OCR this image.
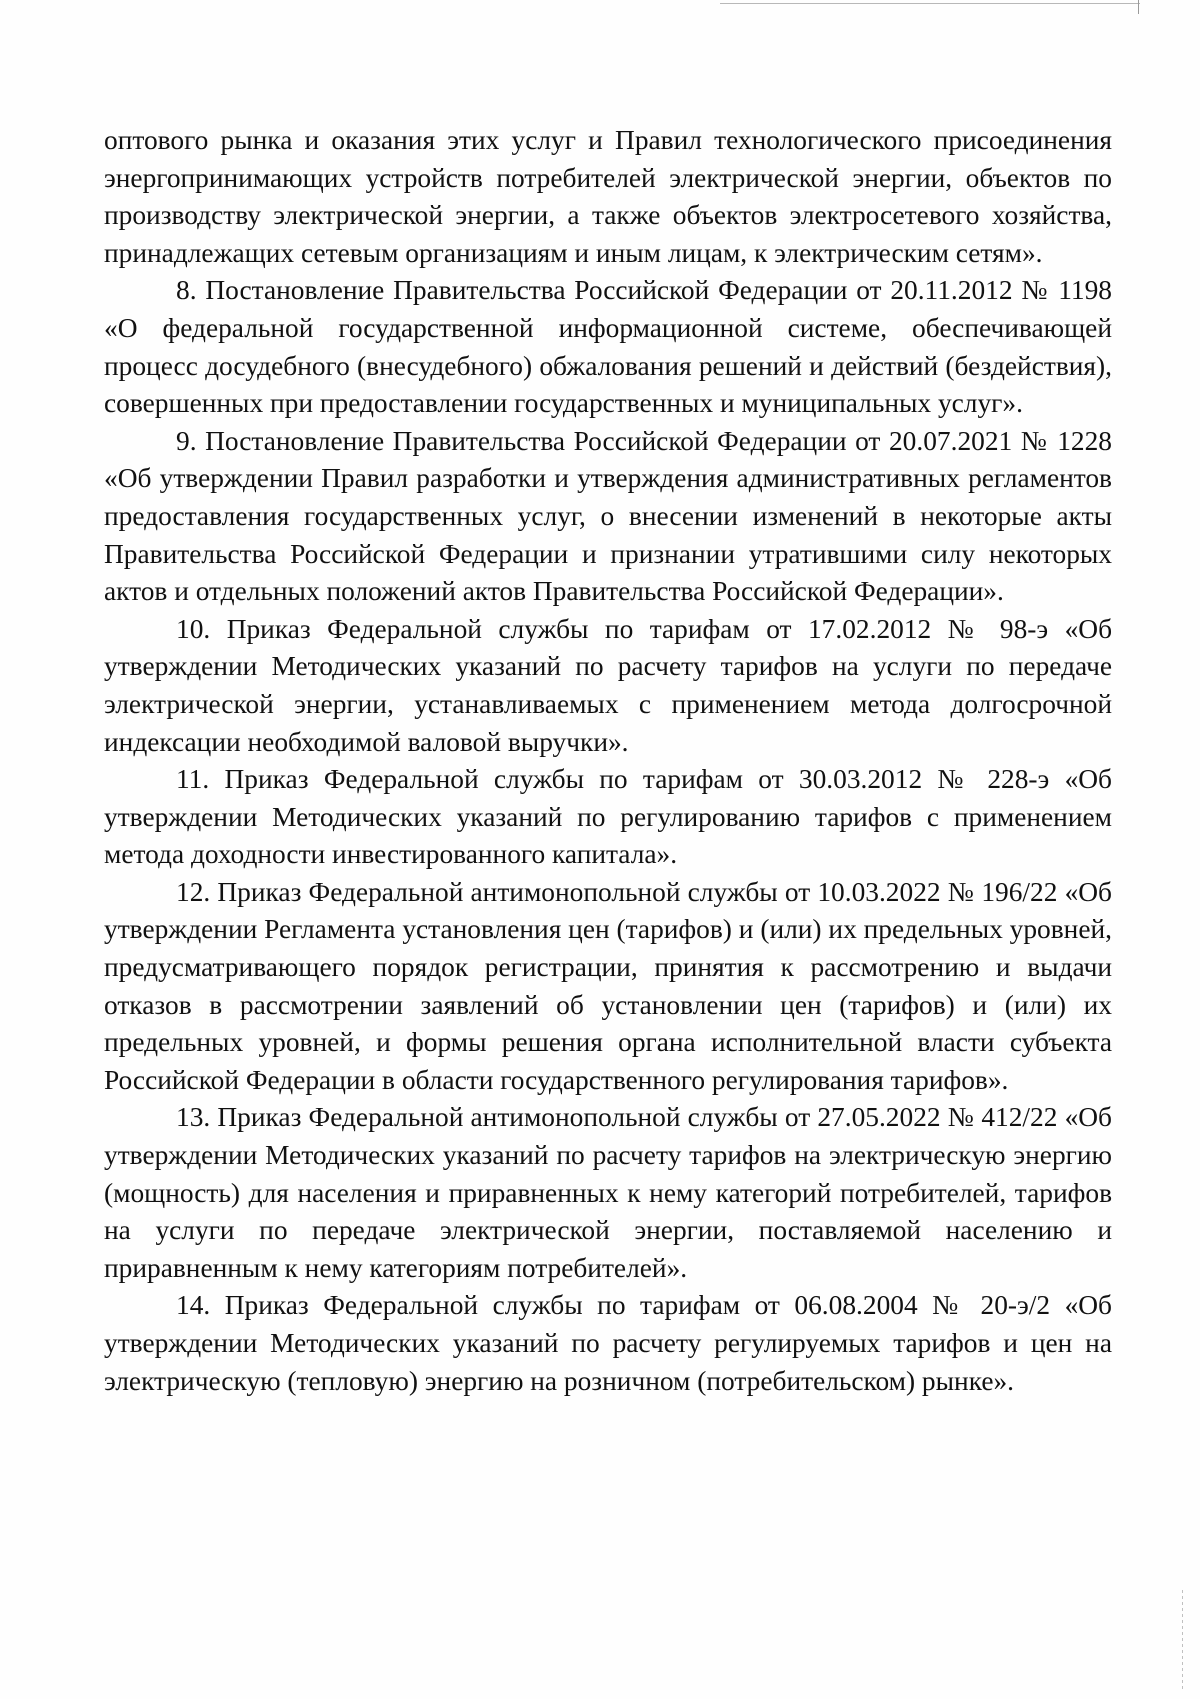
оптового рынка и оказания этих услуг и Правил технологического присоединения энергопринимающих устройств потребителей электрической энергии, объектов по производству электрической энергии, а также объектов электросетевого хозяйства, принадлежащих сетевым организациям и иным лицам, к электрическим сетям».

8. Постановление Правительства Российской Федерации от 20.11.2012 № 1198 «О федеральной государственной информационной системе, обеспечивающей процесс досудебного (внесудебного) обжалования решений и действий (бездействия), совершенных при предоставлении государственных и муниципальных услуг».

9. Постановление Правительства Российской Федерации от 20.07.2021 № 1228 «Об утверждении Правил разработки и утверждения административных регламентов предоставления государственных услуг, о внесении изменений в некоторые акты Правительства Российской Федерации и признании утратившими силу некоторых актов и отдельных положений актов Правительства Российской Федерации».

10. Приказ Федеральной службы по тарифам от 17.02.2012 № 98-э «Об утверждении Методических указаний по расчету тарифов на услуги по передаче электрической энергии, устанавливаемых с применением метода долгосрочной индексации необходимой валовой выручки».

11. Приказ Федеральной службы по тарифам от 30.03.2012 № 228-э «Об утверждении Методических указаний по регулированию тарифов с применением метода доходности инвестированного капитала».

12. Приказ Федеральной антимонопольной службы от 10.03.2022 № 196/22 «Об утверждении Регламента установления цен (тарифов) и (или) их предельных уровней, предусматривающего порядок регистрации, принятия к рассмотрению и выдачи отказов в рассмотрении заявлений об установлении цен (тарифов) и (или) их предельных уровней, и формы решения органа исполнительной власти субъекта Российской Федерации в области государственного регулирования тарифов».

13. Приказ Федеральной антимонопольной службы от 27.05.2022 № 412/22 «Об утверждении Методических указаний по расчету тарифов на электрическую энергию (мощность) для населения и приравненных к нему категорий потребителей, тарифов на услуги по передаче электрической энергии, поставляемой населению и приравненным к нему категориям потребителей».

14. Приказ Федеральной службы по тарифам от 06.08.2004 № 20-э/2 «Об утверждении Методических указаний по расчету регулируемых тарифов и цен на электрическую (тепловую) энергию на розничном (потребительском) рынке».
